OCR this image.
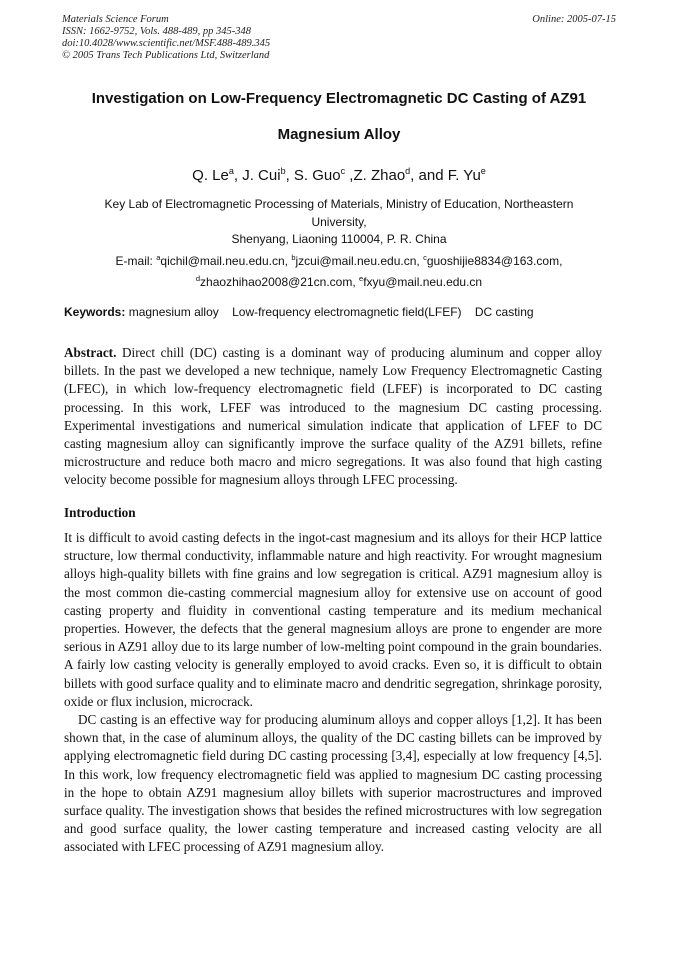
Materials Science Forum
ISSN: 1662-9752, Vols. 488-489, pp 345-348
doi:10.4028/www.scientific.net/MSF.488-489.345
© 2005 Trans Tech Publications Ltd, Switzerland
Online: 2005-07-15
Investigation on Low-Frequency Electromagnetic DC Casting of AZ91
Magnesium Alloy
Q. Le$^a$, J. Cui$^b$, S. Guo$^c$ ,Z. Zhao$^d$, and F. Yu$^e$
Key Lab of Electromagnetic Processing of Materials, Ministry of Education, Northeastern
University,
Shenyang, Liaoning 110004, P. R. China
E-mail: $^a$qichil@mail.neu.edu.cn, $^b$jzcui@mail.neu.edu.cn, $^c$guoshijie8834@163.com,
$^d$zhaozhihao2008@21cn.com, $^e$fxyu@mail.neu.edu.cn
Keywords: magnesium alloy Low-frequency electromagnetic field(LFEF) DC casting

Abstract. Direct chill (DC) casting is a dominant way of producing aluminum and copper alloy billets. In the past we developed a new technique, namely Low Frequency Electromagnetic Casting (LFEC), in which low-frequency electromagnetic field (LFEF) is incorporated to DC casting processing. In this work, LFEF was introduced to the magnesium DC casting processing. Experimental investigations and numerical simulation indicate that application of LFEF to DC casting magnesium alloy can significantly improve the surface quality of the AZ91 billets, refine microstructure and reduce both macro and micro segregations. It was also found that high casting velocity become possible for magnesium alloys through LFEC processing.

Introduction

It is difficult to avoid casting defects in the ingot-cast magnesium and its alloys for their HCP lattice structure, low thermal conductivity, inflammable nature and high reactivity. For wrought magnesium alloys high-quality billets with fine grains and low segregation is critical. AZ91 magnesium alloy is the most common die-casting commercial magnesium alloy for extensive use on account of good casting property and fluidity in conventional casting temperature and its medium mechanical properties. However, the defects that the general magnesium alloys are prone to engender are more serious in AZ91 alloy due to its large number of low-melting point compound in the grain boundaries. A fairly low casting velocity is generally employed to avoid cracks. Even so, it is difficult to obtain billets with good surface quality and to eliminate macro and dendritic segregation, shrinkage porosity, oxide or flux inclusion, microcrack.

DC casting is an effective way for producing aluminum alloys and copper alloys [1,2]. It has been shown that, in the case of aluminum alloys, the quality of the DC casting billets can be improved by applying electromagnetic field during DC casting processing [3,4], especially at low frequency [4,5]. In this work, low frequency electromagnetic field was applied to magnesium DC casting processing in the hope to obtain AZ91 magnesium alloy billets with superior macrostructures and improved surface quality. The investigation shows that besides the refined microstructures with low segregation and good surface quality, the lower casting temperature and increased casting velocity are all associated with LFEC processing of AZ91 magnesium alloy.
